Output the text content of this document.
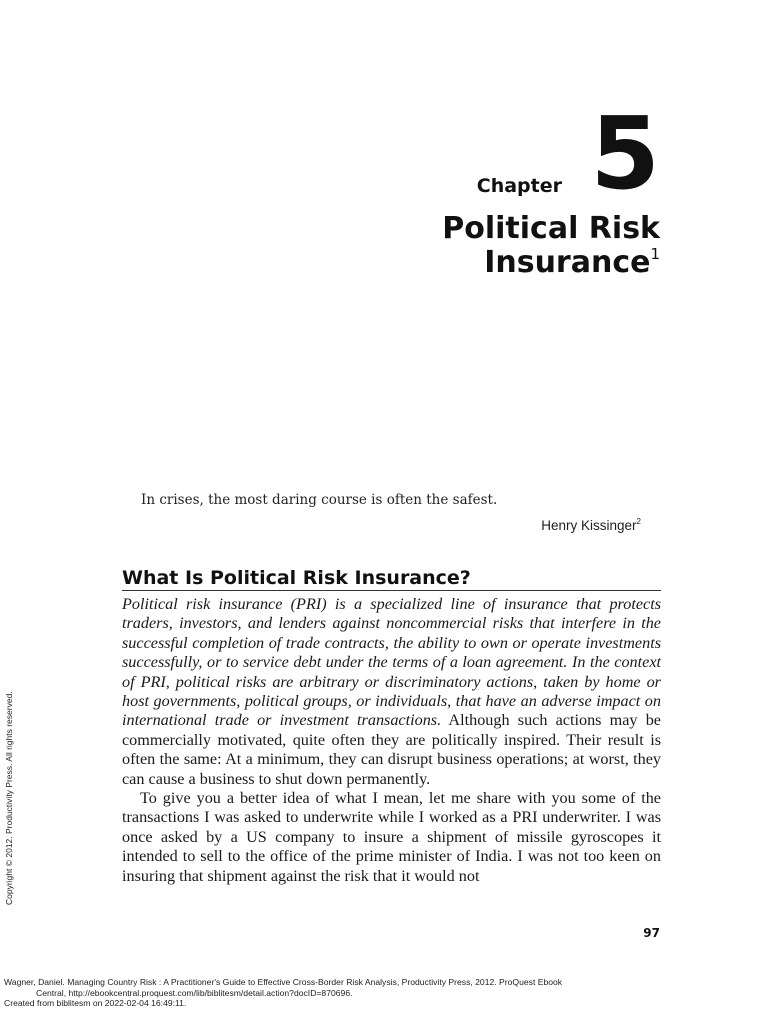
Chapter 5
Political Risk
Insurance$^1$
In crises, the most daring course is often the safest.
Henry Kissinger$^2$
What Is Political Risk Insurance?

Political risk insurance (PRI) is a specialized line of insurance that protects traders, investors, and lenders against noncommercial risks that interfere in the successful completion of trade contracts, the ability to own or operate investments successfully, or to service debt under the terms of a loan agreement. In the context of PRI, political risks are arbitrary or discriminatory actions, taken by home or host governments, political groups, or individuals, that have an adverse impact on international trade or investment transactions. Although such actions may be commercially motivated, quite often they are politically inspired. Their result is often the same: At a minimum, they can disrupt business operations; at worst, they can cause a business to shut down permanently.

To give you a better idea of what I mean, let me share with you some of the transactions I was asked to underwrite while I worked as a PRI underwriter. I was once asked by a US company to insure a shipment of missile gyroscopes it intended to sell to the office of the prime minister of India. I was not too keen on insuring that shipment against the risk that it would not

97
Copyright © 2012. Productivity Press. All rights reserved.
Wagner, Daniel. Managing Country Risk : A Practitioner's Guide to Effective Cross-Border Risk Analysis, Productivity Press, 2012. ProQuest Ebook
Central, http://ebookcentral.proquest.com/lib/biblitesm/detail.action?docID=870696.
Created from biblitesm on 2022-02-04 16:49:11.
